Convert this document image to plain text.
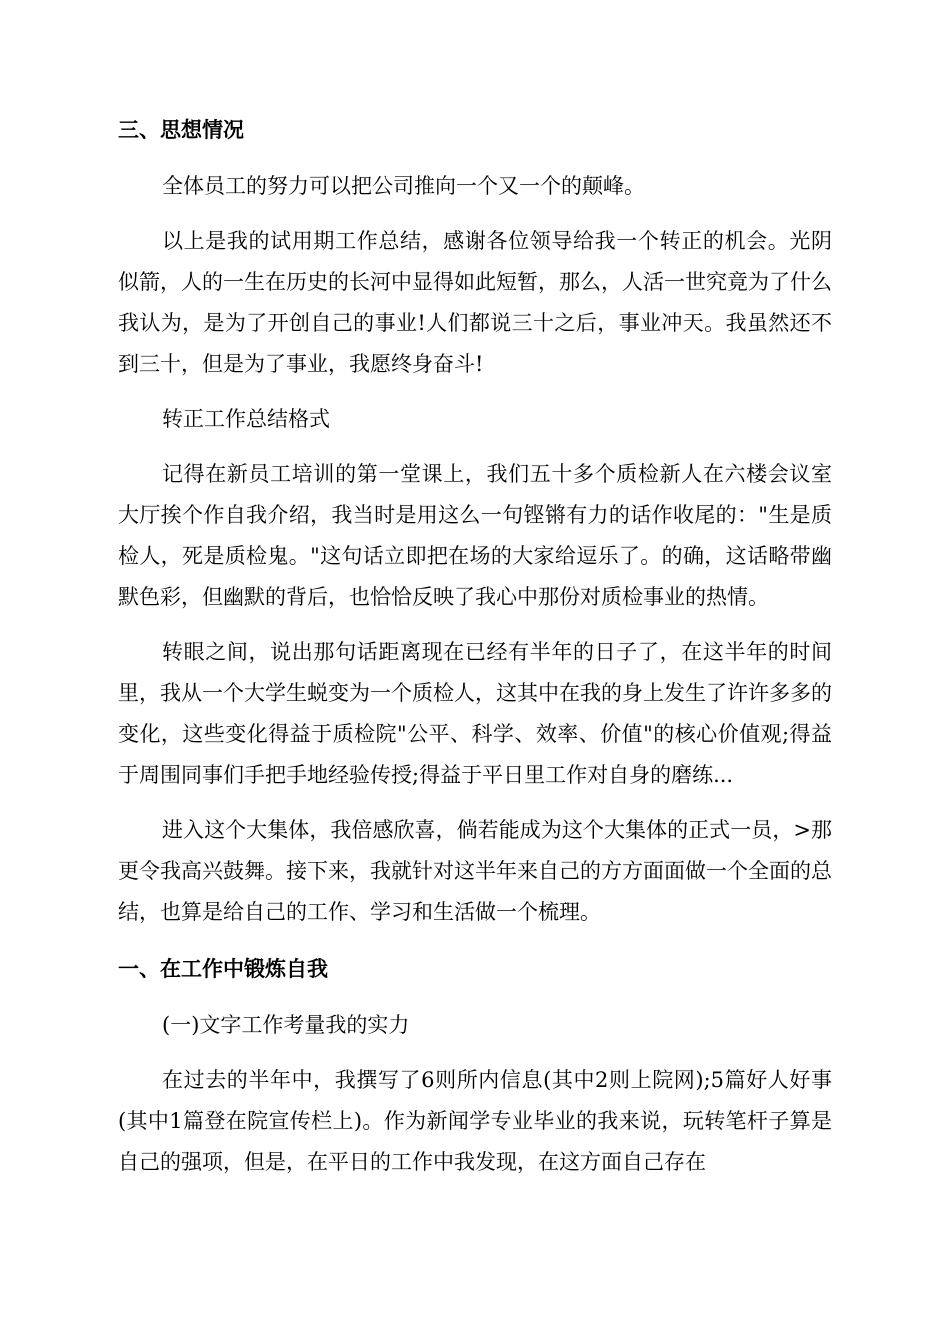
三、思想情况

全体员工的努力可以把公司推向一个又一个的颠峰。

以上是我的试用期工作总结，感谢各位领导给我一个转正的机会。光阴似箭，人的一生在历史的长河中显得如此短暂，那么，人活一世究竟为了什么我认为，是为了开创自己的事业!人们都说三十之后，事业冲天。我虽然还不到三十，但是为了事业，我愿终身奋斗!

转正工作总结格式

记得在新员工培训的第一堂课上，我们五十多个质检新人在六楼会议室大厅挨个作自我介绍，我当时是用这么一句铿锵有力的话作收尾的："生是质检人，死是质检鬼。"这句话立即把在场的大家给逗乐了。的确，这话略带幽默色彩，但幽默的背后，也恰恰反映了我心中那份对质检事业的热情。

转眼之间，说出那句话距离现在已经有半年的日子了，在这半年的时间里，我从一个大学生蜕变为一个质检人，这其中在我的身上发生了许许多多的变化，这些变化得益于质检院"公平、科学、效率、价值"的核心价值观;得益于周围同事们手把手地经验传授;得益于平日里工作对自身的磨练...

进入这个大集体，我倍感欣喜，倘若能成为这个大集体的正式一员，>那更令我高兴鼓舞。接下来，我就针对这半年来自己的方方面面做一个全面的总结，也算是给自己的工作、学习和生活做一个梳理。

一、在工作中锻炼自我

(一)文字工作考量我的实力

在过去的半年中，我撰写了6则所内信息(其中2则上院网);5篇好人好事(其中1篇登在院宣传栏上)。作为新闻学专业毕业的我来说，玩转笔杆子算是自己的强项，但是，在平日的工作中我发现，在这方面自己存在
